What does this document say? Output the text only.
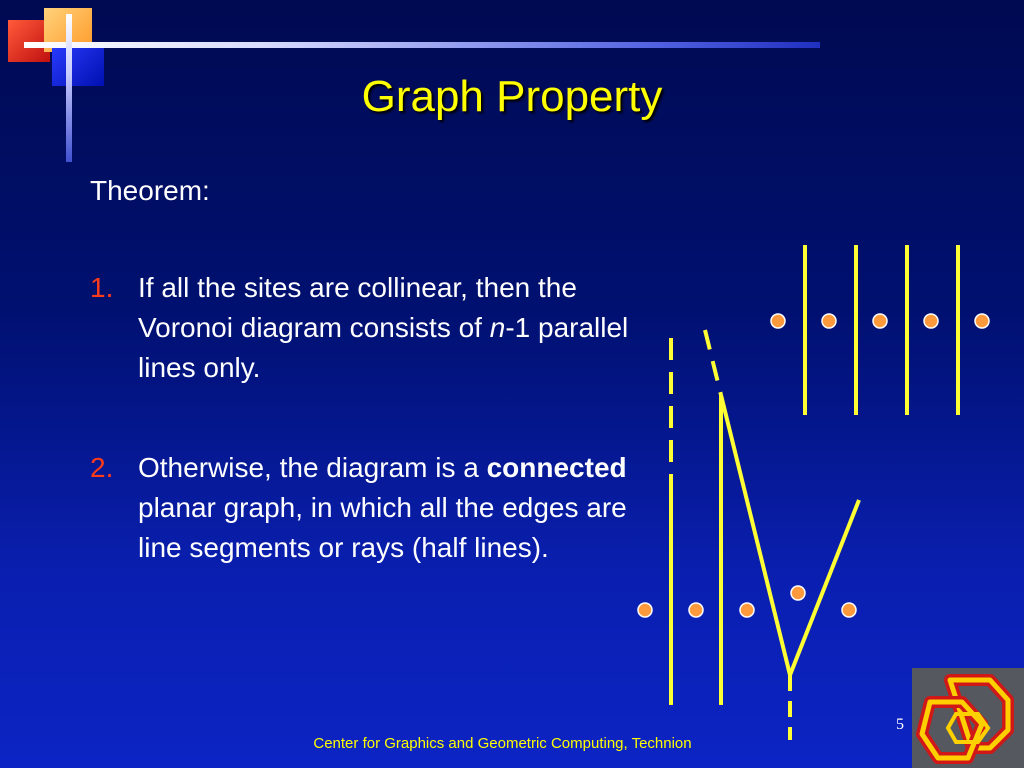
Graph Property
Theorem:
1. If all the sites are collinear, then the Voronoi diagram consists of n-1 parallel lines only.
2. Otherwise, the diagram is a connected planar graph, in which all the edges are line segments or rays (half lines).
Center for Graphics and Geometric Computing, Technion
5
